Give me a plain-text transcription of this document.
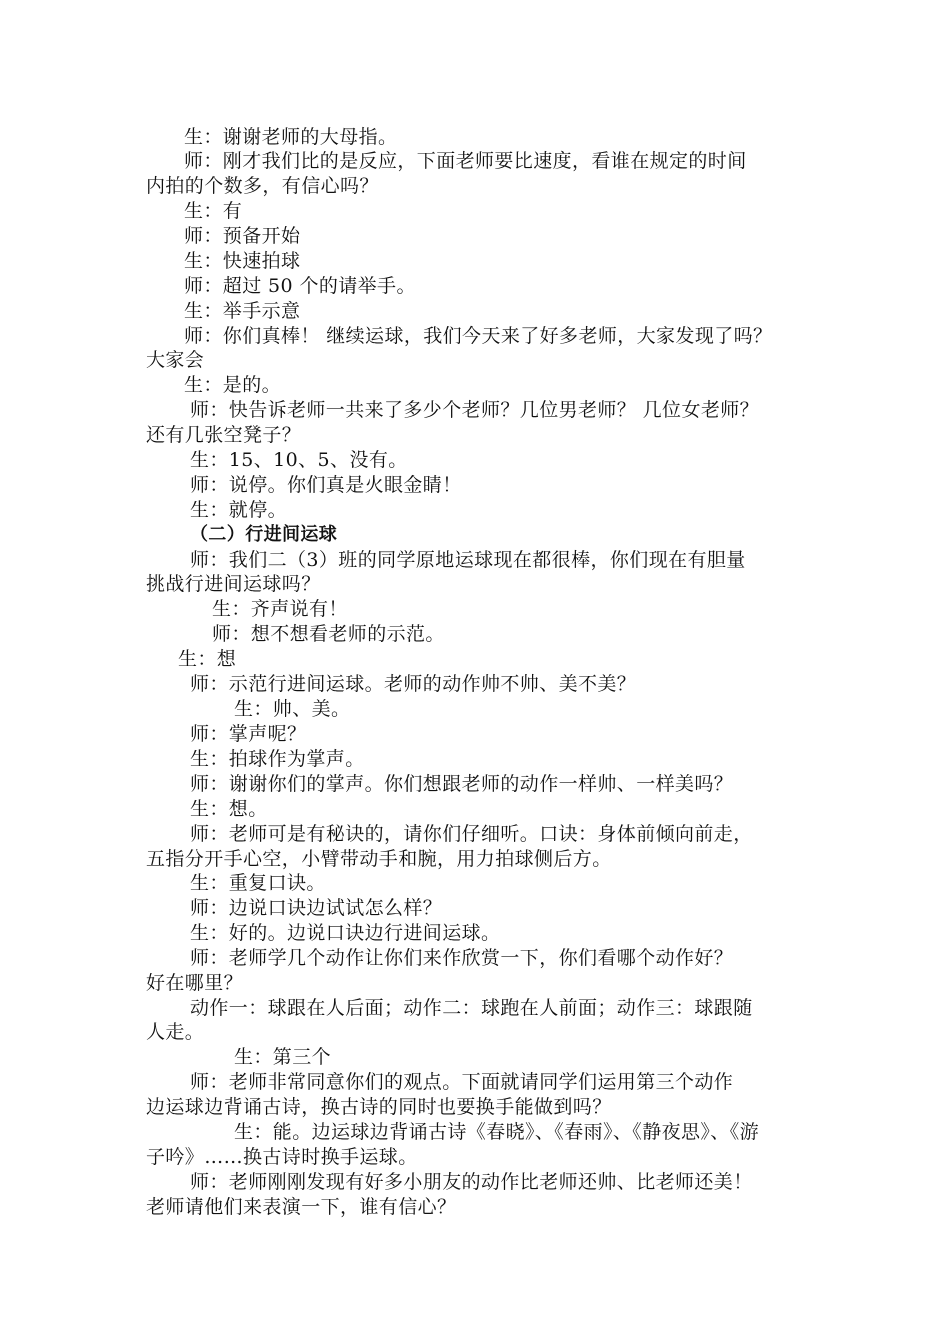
生：谢谢老师的大母指。
师：刚才我们比的是反应，下面老师要比速度，看谁在规定的时间
内拍的个数多，有信心吗？
生：有
师：预备开始
生：快速拍球
师：超过 50 个的请举手。
生：举手示意
师：你们真棒！ 继续运球，我们今天来了好多老师，大家发现了吗？
大家会
生：是的。
师：快告诉老师一共来了多少个老师？几位男老师？ 几位女老师？
还有几张空凳子？
生：15、10、5、没有。
师：说停。你们真是火眼金睛！
生：就停。
（二）行进间运球
师：我们二（3）班的同学原地运球现在都很棒，你们现在有胆量
挑战行进间运球吗？
生：齐声说有！
师：想不想看老师的示范。
生：想
师：示范行进间运球。老师的动作帅不帅、美不美？
生：帅、美。
师：掌声呢？
生：拍球作为掌声。
师：谢谢你们的掌声。你们想跟老师的动作一样帅、一样美吗？
生：想。
师：老师可是有秘诀的，请你们仔细听。口诀：身体前倾向前走，
五指分开手心空，小臂带动手和腕，用力拍球侧后方。
生：重复口诀。
师：边说口诀边试试怎么样？
生：好的。边说口诀边行进间运球。
师：老师学几个动作让你们来作欣赏一下，你们看哪个动作好？
好在哪里？
动作一：球跟在人后面；动作二：球跑在人前面；动作三：球跟随
人走。
生：第三个
师：老师非常同意你们的观点。下面就请同学们运用第三个动作
边运球边背诵古诗，换古诗的同时也要换手能做到吗？
生：能。边运球边背诵古诗《春晓》、《春雨》、《静夜思》、《游
子吟》……换古诗时换手运球。
师：老师刚刚发现有好多小朋友的动作比老师还帅、比老师还美！
老师请他们来表演一下，谁有信心？
